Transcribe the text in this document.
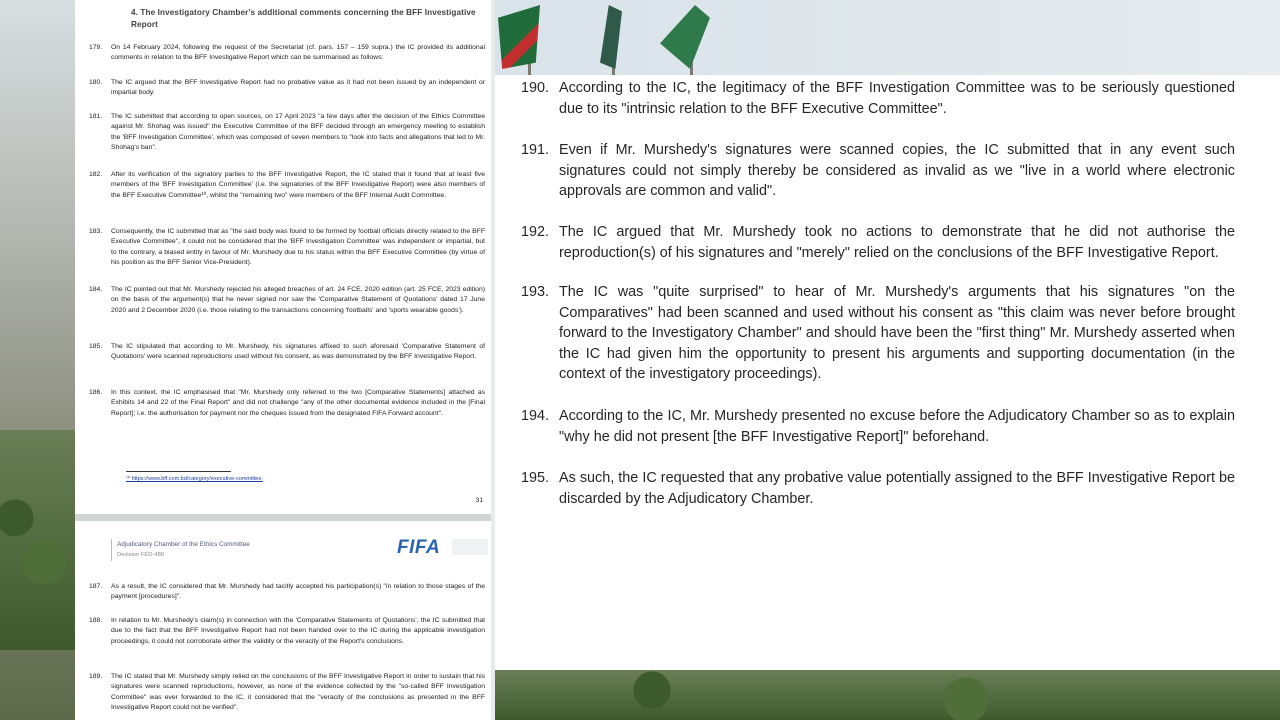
4. The Investigatory Chamber's additional comments concerning the BFF Investigative Report
179.	On 14 February 2024, following the request of the Secretariat (cf. pars. 157 – 159 supra.) the IC provided its additional comments in relation to the BFF Investigative Report which can be summarised as follows:
180.	The IC argued that the BFF Investigative Report had no probative value as it had not been issued by an independent or impartial body.
181.	The IC submitted that according to open sources, on 17 April 2023 "a few days after the decision of the Ethics Committee against Mr. Shohag was issued" the Executive Committee of the BFF decided through an emergency meeting to establish the 'BFF Investigation Committee', which was composed of seven members to "look into facts and allegations that led to Mr. Shohag's ban".
182.	After its verification of the signatory parties to the BFF Investigative Report, the IC stated that it found that at least five members of the 'BFF Investigation Committee' (i.e. the signatories of the BFF Investigative Report) were also members of the BFF Executive Committee¹⁰, whilst the "remaining two" were members of the BFF Internal Audit Committee.
183.	Consequently, the IC submitted that as "the said body was found to be formed by football officials directly related to the BFF Executive Committee", it could not be considered that the 'BFF Investigation Committee' was independent or impartial, but to the contrary, a biased entity in favour of Mr. Murshedy due to his status within the BFF Executive Committee (by virtue of his position as the BFF Senior Vice-President).
184.	The IC pointed out that Mr. Murshedy rejected his alleged breaches of art. 24 FCE, 2020 edition (art. 25 FCE, 2023 edition) on the basis of the argument(s) that he never signed nor saw the 'Comparative Statement of Quotations' dated 17 June 2020 and 2 December 2020 (i.e. those relating to the transactions concerning 'footballs' and 'sports wearable goods').
185.	The IC stipulated that according to Mr. Murshedy, his signatures affixed to such aforesaid 'Comparative Statement of Quotations' were scanned reproductions used without his consent, as was demonstrated by the BFF Investigative Report.
186.	In this context, the IC emphasised that "Mr. Murshedy only referred to the two [Comparative Statements] attached as Exhibits 14 and 22 of the Final Report" and did not challenge "any of the other documental evidence included in the [Final Report]; i.e. the authorisation for payment nor the cheques issued from the designated FIFA Forward account".
¹⁰ https://www.bff.com.bd/category/executive-committee.
31
Adjudicatory Chamber of the Ethics Committee
Decision FED-480	FIFA
187.	As a result, the IC considered that Mr. Murshedy had tacitly accepted his participation(s) "in relation to those stages of the payment [procedures]".
188.	In relation to Mr. Murshedy's claim(s) in connection with the 'Comparative Statements of Quotations', the IC submitted that due to the fact that the BFF Investigative Report had not been handed over to the IC during the applicable investigation proceedings, it could not corroborate either the validity or the veracity of the Report's conclusions.
189.	The IC stated that Mr. Murshedy simply relied on the conclusions of the BFF Investigative Report in order to sustain that his signatures were scanned reproductions, however, as none of the evidence collected by the "so-called BFF Investigation Committee" was ever forwarded to the IC, it considered that the "veracity of the conclusions as presented in the BFF Investigative Report could not be verified".
190. According to the IC, the legitimacy of the BFF Investigation Committee was to be seriously questioned due to its "intrinsic relation to the BFF Executive Committee".
191. Even if Mr. Murshedy's signatures were scanned copies, the IC submitted that in any event such signatures could not simply thereby be considered as invalid as we "live in a world where electronic approvals are common and valid".
192. The IC argued that Mr. Murshedy took no actions to demonstrate that he did not authorise the reproduction(s) of his signatures and "merely" relied on the conclusions of the BFF Investigative Report.
193. The IC was "quite surprised" to hear of Mr. Murshedy's arguments that his signatures "on the Comparatives" had been scanned and used without his consent as "this claim was never before brought forward to the Investigatory Chamber" and should have been the "first thing" Mr. Murshedy asserted when the IC had given him the opportunity to present his arguments and supporting documentation (in the context of the investigatory proceedings).
194. According to the IC, Mr. Murshedy presented no excuse before the Adjudicatory Chamber so as to explain "why he did not present [the BFF Investigative Report]" beforehand.
195. As such, the IC requested that any probative value potentially assigned to the BFF Investigative Report be discarded by the Adjudicatory Chamber.
